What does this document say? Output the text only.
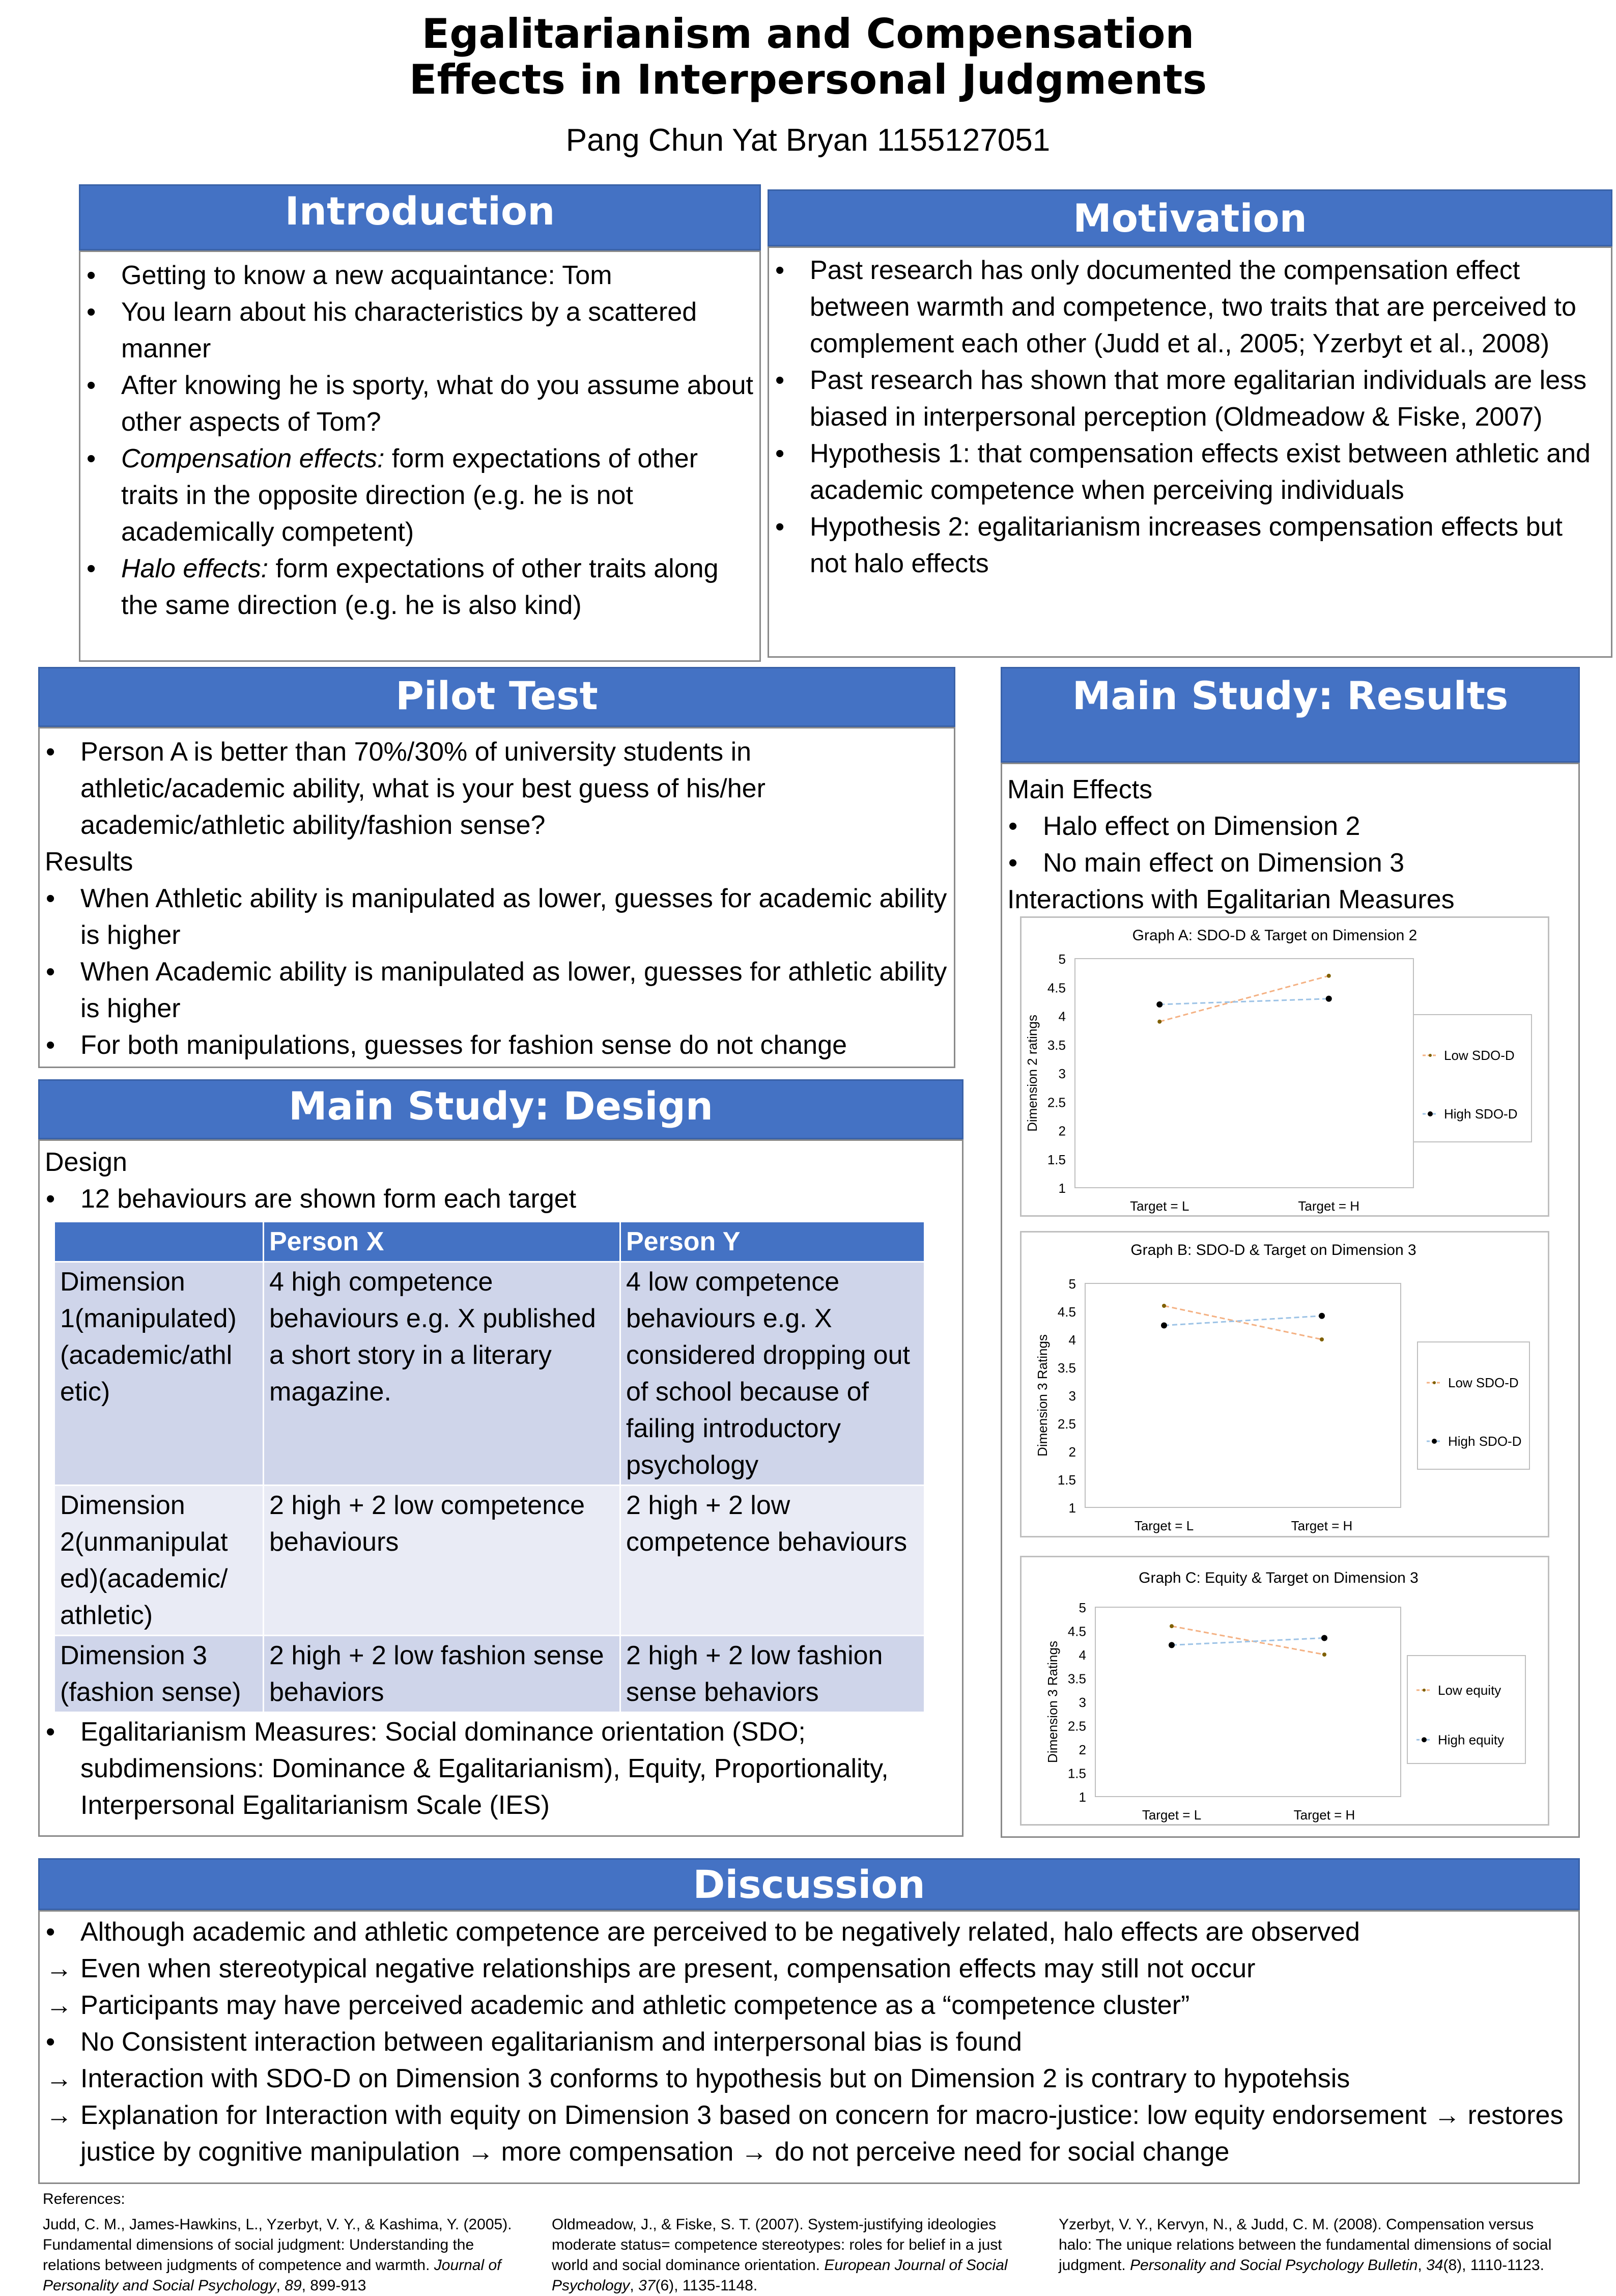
Egalitarianism and Compensation
Effects in Interpersonal Judgments
Pang Chun Yat Bryan 1155127051
Introduction
• Getting to know a new acquaintance: Tom
• You learn about his characteristics by a scattered manner
• After knowing he is sporty, what do you assume about other aspects of Tom?
• Compensation effects: form expectations of other traits in the opposite direction (e.g. he is not academically competent)
• Halo effects: form expectations of other traits along the same direction (e.g. he is also kind)
Motivation
• Past research has only documented the compensation effect between warmth and competence, two traits that are perceived to complement each other (Judd et al., 2005; Yzerbyt et al., 2008)
• Past research has shown that more egalitarian individuals are less biased in interpersonal perception (Oldmeadow & Fiske, 2007)
• Hypothesis 1: that compensation effects exist between athletic and academic competence when perceiving individuals
• Hypothesis 2: egalitarianism increases compensation effects but not halo effects
Pilot Test
• Person A is better than 70%/30% of university students in athletic/academic ability, what is your best guess of his/her academic/athletic ability/fashion sense?
Results
• When Athletic ability is manipulated as lower, guesses for academic ability is higher
• When Academic ability is manipulated as lower, guesses for athletic ability is higher
• For both manipulations, guesses for fashion sense do not change
Main Study: Design
Design
• 12 behaviours are shown form each target
	Person X	Person Y
Dimension 1(manipulated) (academic/athl etic)	4 high competence behaviours e.g. X published a short story in a literary magazine.	4 low competence behaviours e.g. X considered dropping out of school because of failing introductory psychology
Dimension 2(unmanipulat ed)(academic/ athletic)	2 high + 2 low competence behaviours	2 high + 2 low competence behaviours
Dimension 3 (fashion sense)	2 high + 2 low fashion sense behaviors	2 high + 2 low fashion sense behaviors
• Egalitarianism Measures: Social dominance orientation (SDO; subdimensions: Dominance & Egalitarianism), Equity, Proportionality, Interpersonal Egalitarianism Scale (IES)
Main Study: Results
Main Effects
• Halo effect on Dimension 2
• No main effect on Dimension 3
Interactions with Egalitarian Measures
Graph A: SDO-D & Target on Dimension 2
1
1.5
2
2.5
3
3.5
4
4.5
5
Dimension 2 ratings
Target = L	Target = H
Low SDO-D
High SDO-D
Graph B: SDO-D & Target on Dimension 3
1
1.5
2
2.5
3
3.5
4
4.5
5
Dimension 3 Ratings
Target = L	Target = H
Low SDO-D
High SDO-D
Graph C: Equity & Target on Dimension 3
1
1.5
2
2.5
3
3.5
4
4.5
5
Dimension 3 Ratings
Target = L	Target = H
Low equity
High equity
Discussion
• Although academic and athletic competence are perceived to be negatively related, halo effects are observed
→ Even when stereotypical negative relationships are present, compensation effects may still not occur
→ Participants may have perceived academic and athletic competence as a “competence cluster”
• No Consistent interaction between egalitarianism and interpersonal bias is found
→ Interaction with SDO-D on Dimension 3 conforms to hypothesis but on Dimension 2 is contrary to hypotehsis
→ Explanation for Interaction with equity on Dimension 3 based on concern for macro-justice: low equity endorsement → restores justice by cognitive manipulation → more compensation → do not perceive need for social change
References:
Judd, C. M., James-Hawkins, L., Yzerbyt, V. Y., & Kashima, Y. (2005). Fundamental dimensions of social judgment: Understanding the relations between judgments of competence and warmth. Journal of Personality and Social Psychology, 89, 899-913
Oldmeadow, J., & Fiske, S. T. (2007). System-justifying ideologies moderate status= competence stereotypes: roles for belief in a just world and social dominance orientation. European Journal of Social Psychology, 37(6), 1135-1148.
Yzerbyt, V. Y., Kervyn, N., & Judd, C. M. (2008). Compensation versus halo: The unique relations between the fundamental dimensions of social judgment. Personality and Social Psychology Bulletin, 34(8), 1110-1123.
